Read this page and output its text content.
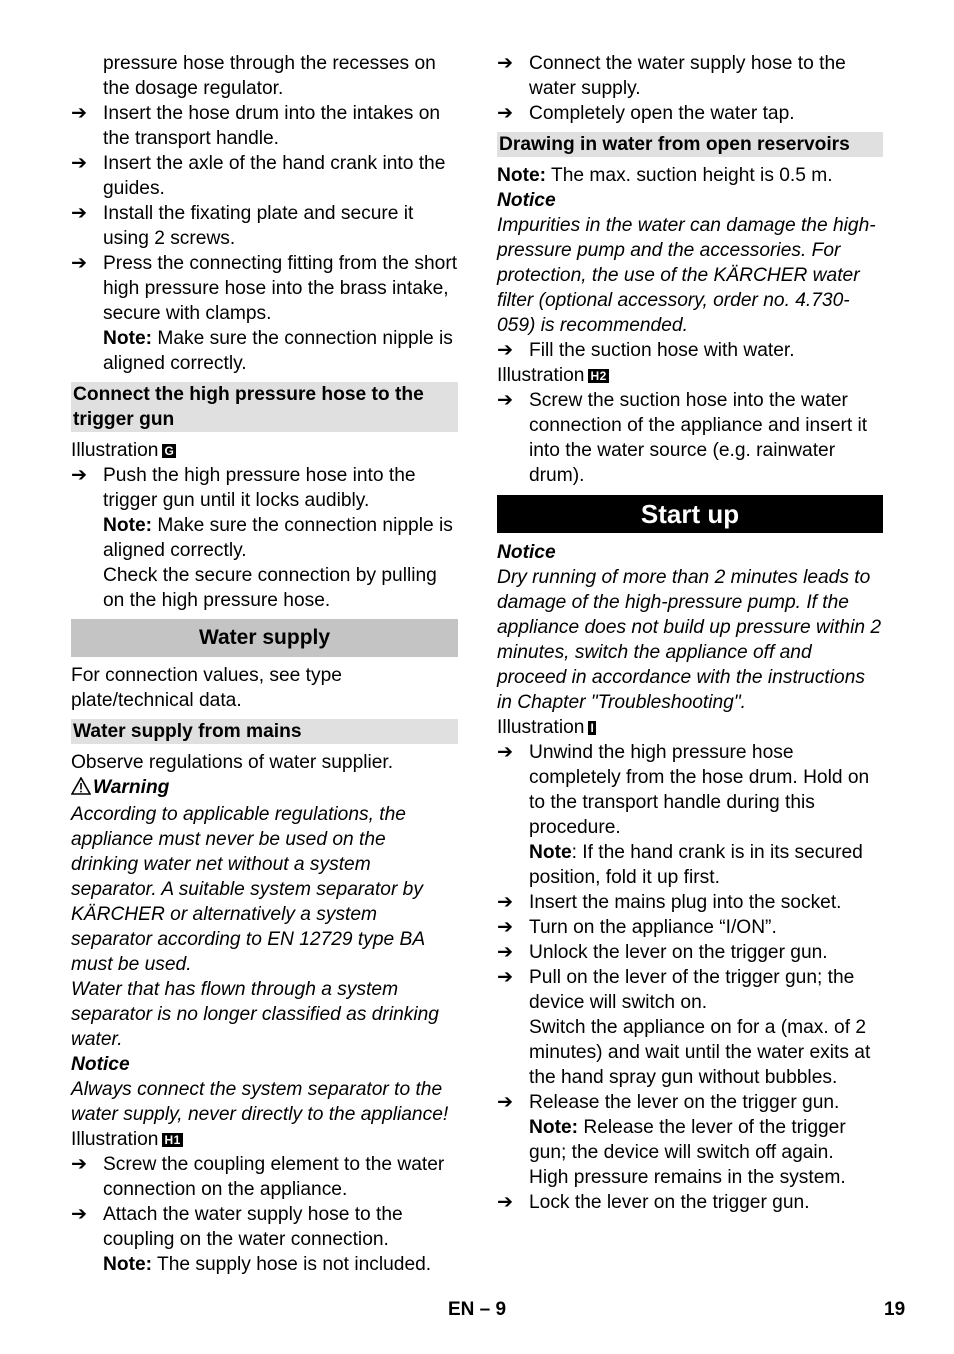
pressure hose through the recesses on the dosage regulator.

➔ Insert the hose drum into the intakes on the transport handle.
➔ Insert the axle of the hand crank into the guides.
➔ Install the fixating plate and secure it using 2 screws.
➔ Press the connecting fitting from the short high pressure hose into the brass intake, secure with clamps.

Note: Make sure the connection nipple is aligned correctly.

Connect the high pressure hose to the trigger gun

Illustration G

➔ Push the high pressure hose into the trigger gun until it locks audibly.

Note: Make sure the connection nipple is aligned correctly.

Check the secure connection by pulling on the high pressure hose.

Water supply

For connection values, see type plate/technical data.

Water supply from mains

Observe regulations of water supplier.

Warning

According to applicable regulations, the appliance must never be used on the drinking water net without a system separator. A suitable system separator by KÄRCHER or alternatively a system separator according to EN 12729 type BA must be used.

Water that has flown through a system separator is no longer classified as drinking water.

Notice

Always connect the system separator to the water supply, never directly to the appliance!

Illustration H1

➔ Screw the coupling element to the water connection on the appliance.
➔ Attach the water supply hose to the coupling on the water connection.

Note: The supply hose is not included.

➔ Connect the water supply hose to the water supply.
➔ Completely open the water tap.
Drawing in water from open reservoirs

Note: The max. suction height is 0.5 m.

Notice

Impurities in the water can damage the high-pressure pump and the accessories. For protection, the use of the KÄRCHER water filter (optional accessory, order no. 4.730-059) is recommended.

➔ Fill the suction hose with water.

Illustration H2

➔ Screw the suction hose into the water connection of the appliance and insert it into the water source (e.g. rainwater drum).
Start up

Notice

Dry running of more than 2 minutes leads to damage of the high-pressure pump. If the appliance does not build up pressure within 2 minutes, switch the appliance off and proceed in accordance with the instructions in Chapter "Troubleshooting".

Illustration I

➔ Unwind the high pressure hose completely from the hose drum. Hold on to the transport handle during this procedure.

Note: If the hand crank is in its secured position, fold it up first.

➔ Insert the mains plug into the socket.
➔ Turn on the appliance “I/ON”.
➔ Unlock the lever on the trigger gun.
➔ Pull on the lever of the trigger gun; the device will switch on.

Switch the appliance on for a (max. of 2 minutes) and wait until the water exits at the hand spray gun without bubbles.

➔ Release the lever on the trigger gun.

Note: Release the lever of the trigger gun; the device will switch off again.

High pressure remains in the system.

➔ Lock the lever on the trigger gun.
EN – 9	19
